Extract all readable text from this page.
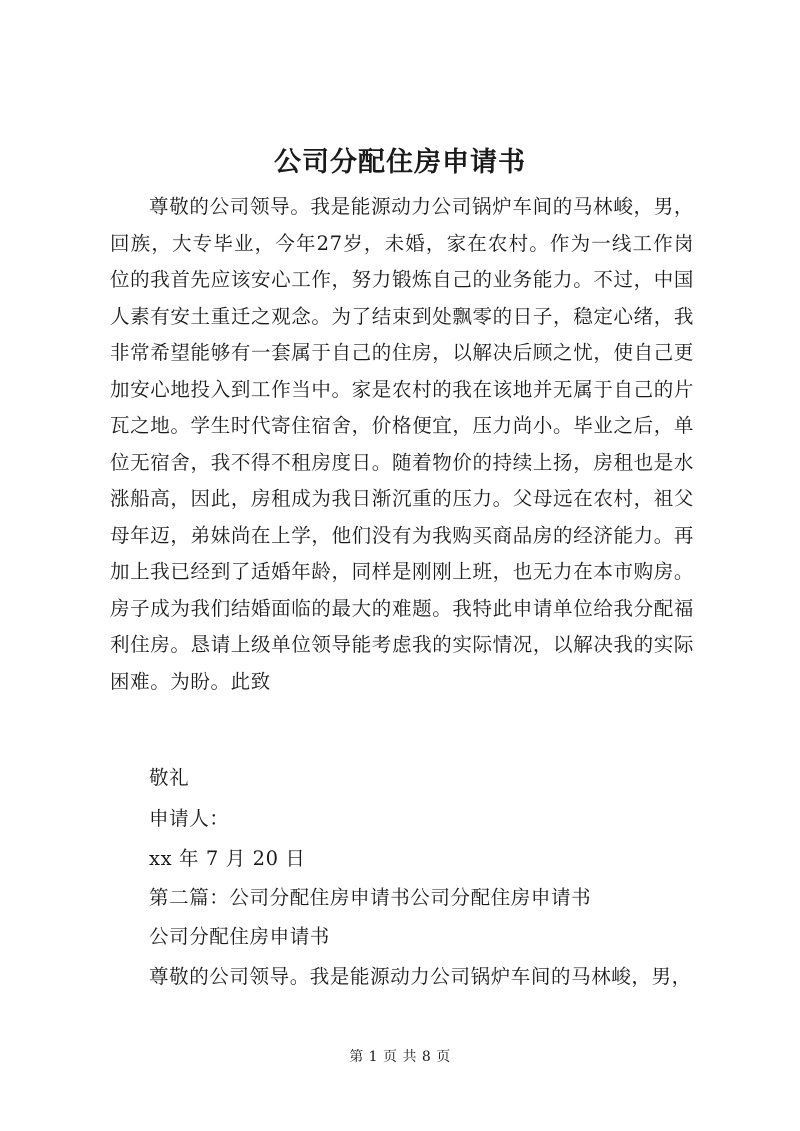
公司分配住房申请书

尊敬的公司领导。我是能源动力公司锅炉车间的马林峻，男，回族，大专毕业，今年27岁，未婚，家在农村。作为一线工作岗位的我首先应该安心工作，努力锻炼自己的业务能力。不过，中国人素有安土重迁之观念。为了结束到处飘零的日子，稳定心绪，我非常希望能够有一套属于自己的住房，以解决后顾之忧，使自己更加安心地投入到工作当中。家是农村的我在该地并无属于自己的片瓦之地。学生时代寄住宿舍，价格便宜，压力尚小。毕业之后，单位无宿舍，我不得不租房度日。随着物价的持续上扬，房租也是水涨船高，因此，房租成为我日渐沉重的压力。父母远在农村，祖父母年迈，弟妹尚在上学，他们没有为我购买商品房的经济能力。再加上我已经到了适婚年龄，同样是刚刚上班，也无力在本市购房。房子成为我们结婚面临的最大的难题。我特此申请单位给我分配福利住房。恳请上级单位领导能考虑我的实际情况，以解决我的实际困难。为盼。此致

敬礼
申请人：
xx 年 7 月 20 日
第二篇：公司分配住房申请书公司分配住房申请书
公司分配住房申请书
尊敬的公司领导。我是能源动力公司锅炉车间的马林峻，男，
第 1 页 共 8 页
